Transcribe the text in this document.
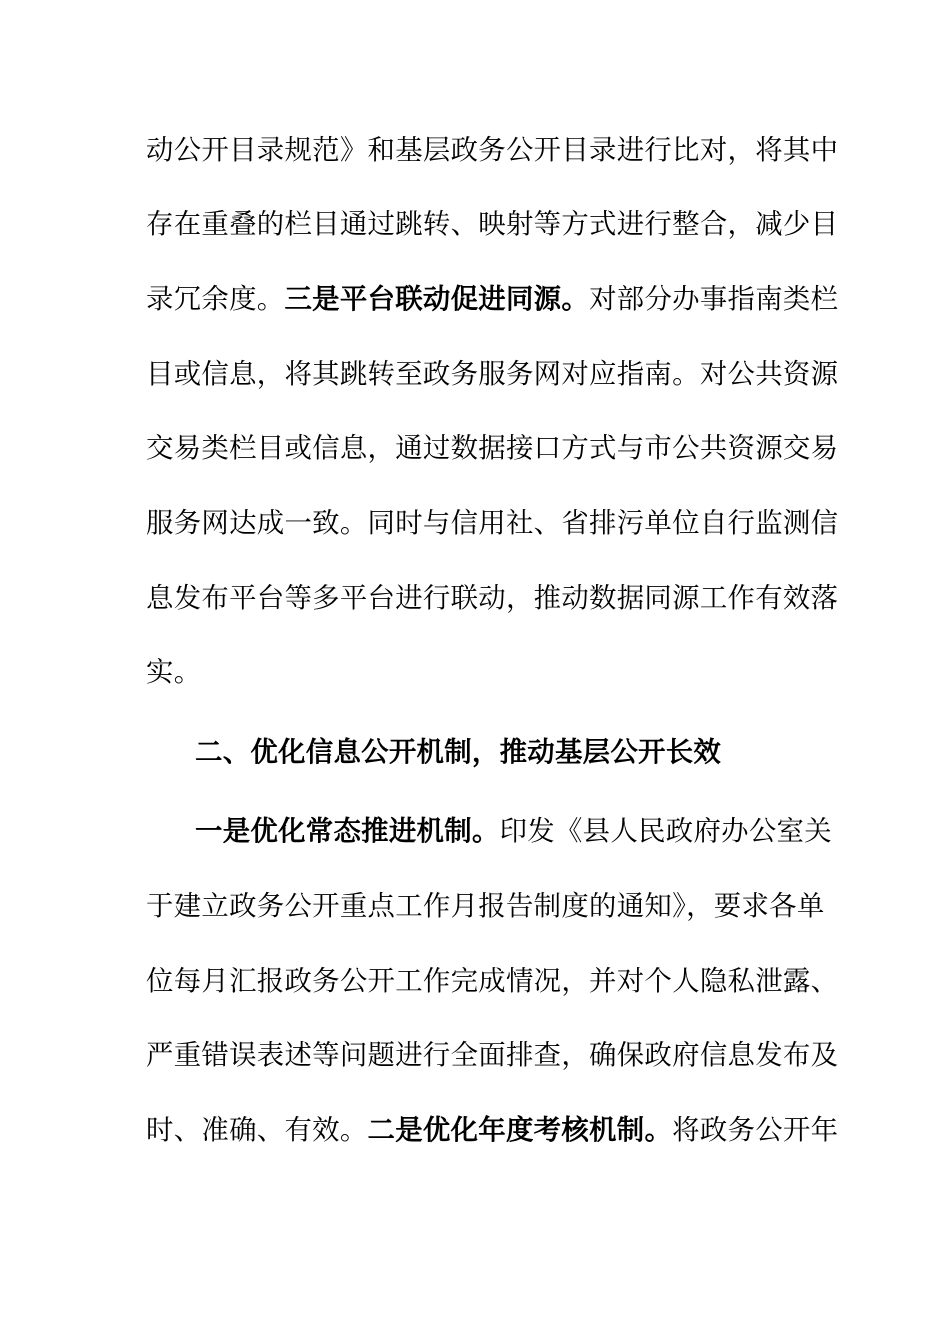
动公开目录规范》和基层政务公开目录进行比对，将其中
存在重叠的栏目通过跳转、映射等方式进行整合，减少目
录冗余度。三是平台联动促进同源。对部分办事指南类栏
目或信息，将其跳转至政务服务网对应指南。对公共资源
交易类栏目或信息，通过数据接口方式与市公共资源交易
服务网达成一致。同时与信用社、省排污单位自行监测信
息发布平台等多平台进行联动，推动数据同源工作有效落
实。
二、优化信息公开机制，推动基层公开长效
一是优化常态推进机制。印发《县人民政府办公室关
于建立政务公开重点工作月报告制度的通知》，要求各单
位每月汇报政务公开工作完成情况，并对个人隐私泄露、
严重错误表述等问题进行全面排查，确保政府信息发布及
时、准确、有效。二是优化年度考核机制。将政务公开年
